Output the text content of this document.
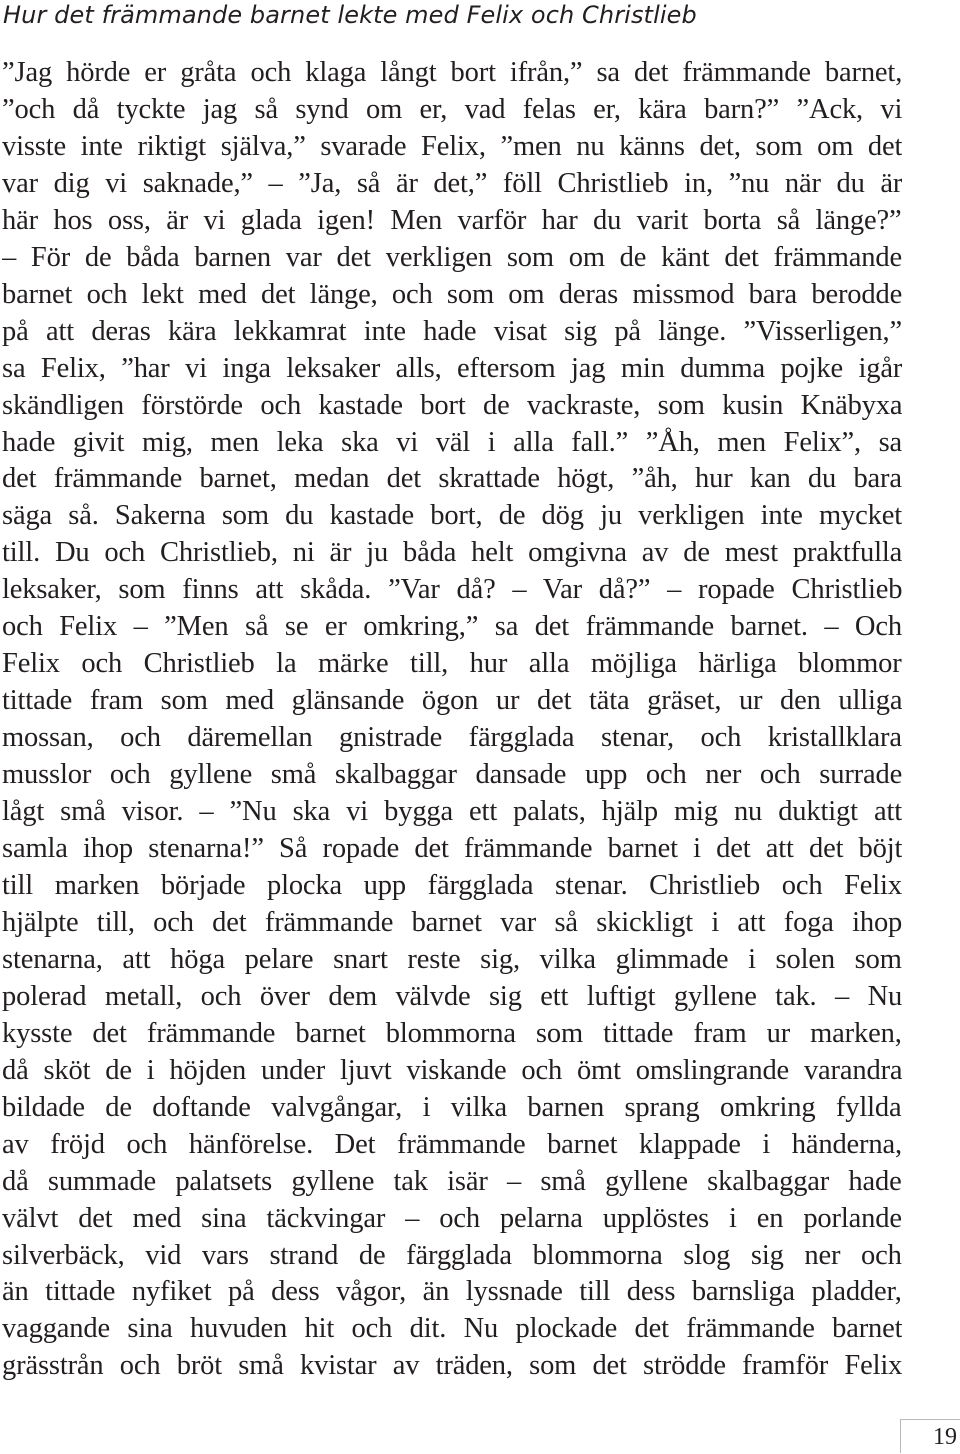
Hur det främmande barnet lekte med Felix och Christlieb
”Jag hörde er gråta och klaga långt bort ifrån,” sa det främmande barnet,
”och då tyckte jag så synd om er, vad felas er, kära barn?” ”Ack, vi
visste inte riktigt själva,” svarade Felix, ”men nu känns det, som om det
var dig vi saknade,” – ”Ja, så är det,” föll Christlieb in, ”nu när du är
här hos oss, är vi glada igen! Men varför har du varit borta så länge?”
– För de båda barnen var det verkligen som om de känt det främmande
barnet och lekt med det länge, och som om deras missmod bara berodde
på att deras kära lekkamrat inte hade visat sig på länge. ”Visserligen,”
sa Felix, ”har vi inga leksaker alls, eftersom jag min dumma pojke igår
skändligen förstörde och kastade bort de vackraste, som kusin Knäbyxa
hade givit mig, men leka ska vi väl i alla fall.” ”Åh, men Felix”, sa
det främmande barnet, medan det skrattade högt, ”åh, hur kan du bara
säga så. Sakerna som du kastade bort, de dög ju verkligen inte mycket
till. Du och Christlieb, ni är ju båda helt omgivna av de mest praktfulla
leksaker, som finns att skåda. ”Var då? – Var då?” – ropade Christlieb
och Felix – ”Men så se er omkring,” sa det främmande barnet. – Och
Felix och Christlieb la märke till, hur alla möjliga härliga blommor
tittade fram som med glänsande ögon ur det täta gräset, ur den ulliga
mossan, och däremellan gnistrade färgglada stenar, och kristallklara
musslor och gyllene små skalbaggar dansade upp och ner och surrade
lågt små visor. – ”Nu ska vi bygga ett palats, hjälp mig nu duktigt att
samla ihop stenarna!” Så ropade det främmande barnet i det att det böjt
till marken började plocka upp färgglada stenar. Christlieb och Felix
hjälpte till, och det främmande barnet var så skickligt i att foga ihop
stenarna, att höga pelare snart reste sig, vilka glimmade i solen som
polerad metall, och över dem välvde sig ett luftigt gyllene tak. – Nu
kysste det främmande barnet blommorna som tittade fram ur marken,
då sköt de i höjden under ljuvt viskande och ömt omslingrande varandra
bildade de doftande valvgångar, i vilka barnen sprang omkring fyllda
av fröjd och hänförelse. Det främmande barnet klappade i händerna,
då summade palatsets gyllene tak isär – små gyllene skalbaggar hade
välvt det med sina täckvingar – och pelarna upplöstes i en porlande
silverbäck, vid vars strand de färgglada blommorna slog sig ner och
än tittade nyfiket på dess vågor, än lyssnade till dess barnsliga pladder,
vaggande sina huvuden hit och dit. Nu plockade det främmande barnet
grässtrån och bröt små kvistar av träden, som det strödde framför Felix
19
